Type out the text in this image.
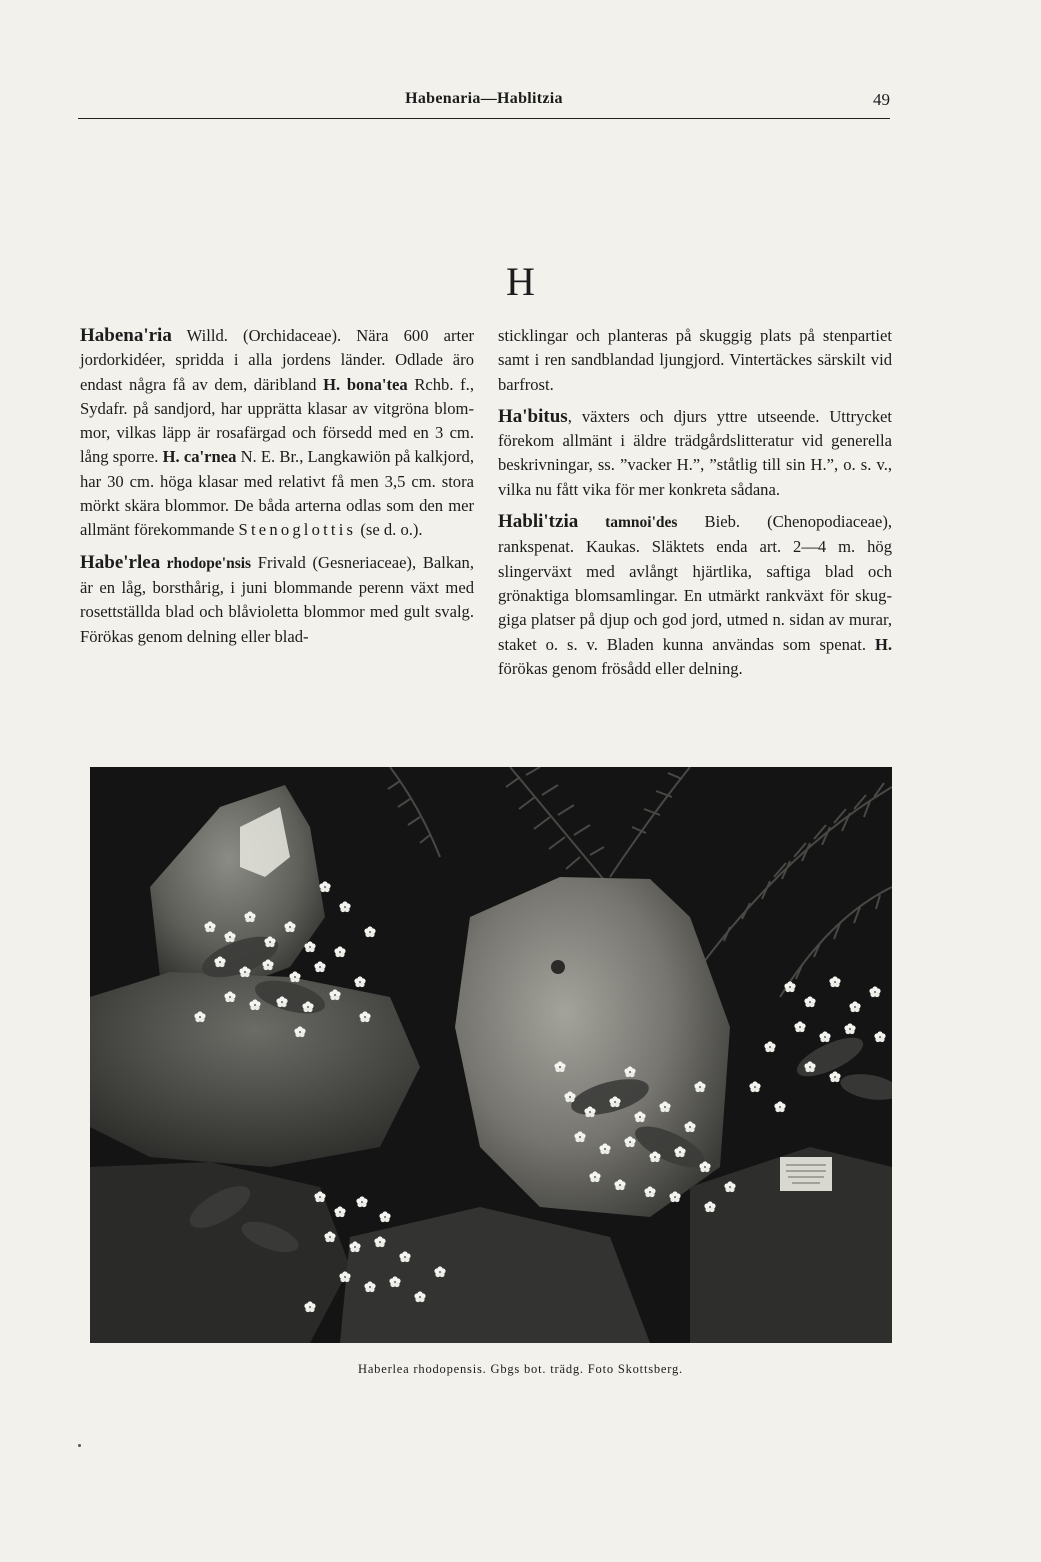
Habenaria—Hablitzia	49
H

Habena'ria Willd. (Orchidaceae). Nära 600 arter jordorkidéer, spridda i alla jordens länder. Odlade äro endast några få av dem, däribland H. bona'tea Rchb. f., Sydafr. på sandjord, har upprätta klasar av vitgröna blommor, vilkas läpp är rosafärgad och försedd med en 3 cm. lång sporre. H. ca'rnea N. E. Br., Langkawiön på kalkjord, har 30 cm. höga klasar med relativt få men 3,5 cm. stora mörkt skära blommor. De båda arterna odlas som den mer allmänt förekommande Stenoglottis (se d. o.).

Habe'rlea rhodope'nsis Frivald (Gesneriaceae), Balkan, är en låg, borsthårig, i juni blommande perenn växt med rosettställda blad och blåvioletta blommor med gult svalg. Förökas genom delning eller blad-

sticklingar och planteras på skuggig plats på stenpartiet samt i ren sandblandad ljungjord. Vintertäckes särskilt vid barfrost.

Ha'bitus, växters och djurs yttre utseende. Uttrycket förekom allmänt i äldre trädgårdslitteratur vid generella beskrivningar, ss. ”vacker H.”, ”ståtlig till sin H.”, o. s. v., vilka nu fått vika för mer konkreta sådana.

Habli'tzia tamnoi'des Bieb. (Chenopodiaceae), rankspenat. Kaukas. Släktets enda art. 2—4 m. hög slingerväxt med avlångt hjärtlika, saftiga blad och grönaktiga blomsamlingar. En utmärkt rankväxt för skuggiga platser på djup och god jord, utmed n. sidan av murar, staket o. s. v. Bladen kunna användas som spenat. H. förökas genom frösådd eller delning.

Haberlea rhodopensis. Gbgs bot. trädg. Foto Skottsberg.
